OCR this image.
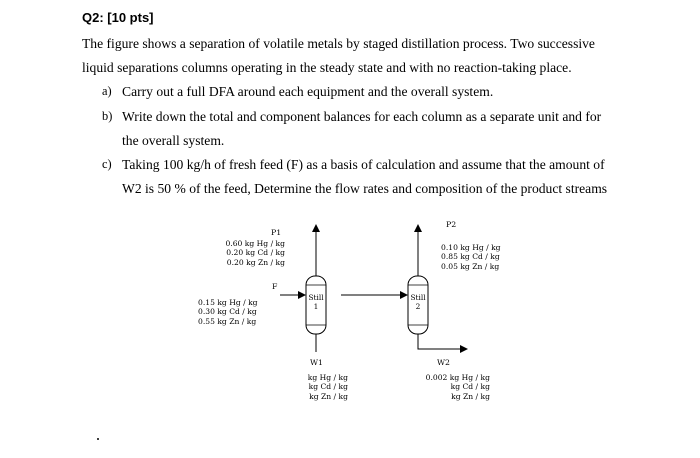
Q2: [10 pts]
The figure shows a separation of volatile metals by staged distillation process. Two successive
liquid separations columns operating in the steady state and with no reaction-taking place.
a) Carry out a full DFA around each equipment and the overall system.
b) Write down the total and component balances for each column as a separate unit and for
the overall system.
c) Taking 100 kg/h of fresh feed (F) as a basis of calculation and assume that the amount of
W2 is 50 % of the feed, Determine the flow rates and composition of the product streams
Still
1
Still
2
P1
0.60 kg Hg / kg
0.20 kg Cd / kg
0.20 kg Zn / kg
P2
0.10 kg Hg / kg
0.85 kg Cd / kg
0.05 kg Zn / kg
F
0.15 kg Hg / kg
0.30 kg Cd / kg
0.55 kg Zn / kg
W1
kg Hg / kg
kg Cd / kg
kg Zn / kg
W2
0.002 kg Hg / kg
kg Cd / kg
kg Zn / kg
